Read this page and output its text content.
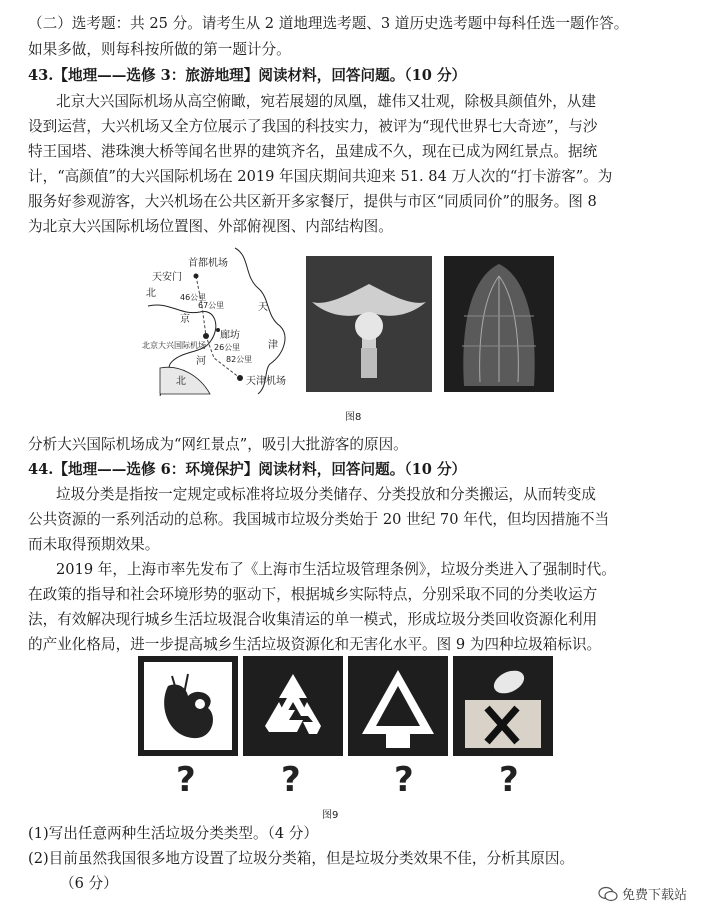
（二）选考题：共 25 分。请考生从 2 道地理选考题、3 道历史选考题中每科任选一题作答。
如果多做，则每科按所做的第一题计分。
43.【地理——选修 3：旅游地理】阅读材料，回答问题。（10 分）
北京大兴国际机场从高空俯瞰，宛若展翅的凤凰，雄伟又壮观，除极具颜值外，从建
设到运营，大兴机场又全方位展示了我国的科技实力，被评为“现代世界七大奇迹”，与沙
特王国塔、港珠澳大桥等闻名世界的建筑齐名，虽建成不久，现在已成为网红景点。据统
计，“高颜值”的大兴国际机场在 2019 年国庆期间共迎来 51. 84 万人次的“打卡游客”。为
服务好参观游客，大兴机场在公共区新开多家餐厅，提供与市区“同质同价”的服务。图 8
为北京大兴国际机场位置图、外部俯视图、内部结构图。
天安门
首都机场
北
京
天
津
廊坊
北京大兴国际机场
河
北	天津机场
46公里
67公里
26公里
82公里
图8
分析大兴国际机场成为“网红景点”，吸引大批游客的原因。
44.【地理——选修 6：环境保护】阅读材料，回答问题。（10 分）
垃圾分类是指按一定规定或标准将垃圾分类储存、分类投放和分类搬运，从而转变成
公共资源的一系列活动的总称。我国城市垃圾分类始于 20 世纪 70 年代，但均因措施不当
而未取得预期效果。
2019 年，上海市率先发布了《上海市生活垃圾管理条例》，垃圾分类进入了强制时代。
在政策的指导和社会环境形势的驱动下，根据城乡实际特点，分别采取不同的分类收运方
法，有效解决现行城乡生活垃圾混合收集清运的单一模式，形成垃圾分类回收资源化利用
的产业化格局，进一步提高城乡生活垃圾资源化和无害化水平。图 9 为四种垃圾箱标识。
?	?	?	?
图9
(1)写出任意两种生活垃圾分类类型。（4 分）
(2)目前虽然我国很多地方设置了垃圾分类箱，但是垃圾分类效果不佳，分析其原因。
（6 分）
免费下载站
